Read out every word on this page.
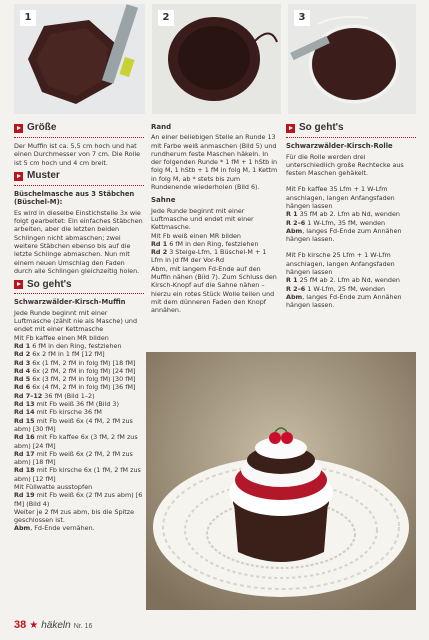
1	2	3
Größe
Der Muffin ist ca. 5,5 cm hoch und hat einen Durchmesser von 7 cm. Die Rolle ist 5 cm hoch und 4 cm breit.
Muster
Büschelmasche aus 3 Stäbchen (Büschel-M):
Es wird in dieselbe Einstichstelle 3x wie folgt gearbeitet: Ein einfaches Stäbchen arbeiten, aber die letzten beiden Schlingen nicht abmaschen; zwei weitere Stäbchen ebenso bis auf die letzte Schlinge abmaschen. Nun mit einem neuen Umschlag den Faden durch alle Schlingen gleichzeitig holen.
So geht's
Schwarzwälder-Kirsch-Muffin
Jede Runde beginnt mit einer Luftmasche (zählt nie als Masche) und endet mit einer Kettmasche
Mit Fb kaffee einen MR bilden
Rd 1 6 fM in den Ring, festziehen
Rd 2 6x 2 fM in 1 fM [12 fM]
Rd 3 6x (1 fM, 2 fM in folg fM) [18 fM]
Rd 4 6x (2 fM, 2 fM in folg fM) [24 fM]
Rd 5 6x (3 fM, 2 fM in folg fM) [30 fM]
Rd 6 6x (4 fM, 2 fM in folg fM) [36 fM]
Rd 7–12 36 fM (Bild 1–2)
Rd 13 mit Fb weiß 36 fM (Bild 3)
Rd 14 mit Fb kirsche 36 fM
Rd 15 mit Fb weiß 6x (4 fM, 2 fM zus abm) [30 fM]
Rd 16 mit Fb kaffee 6x (3 fM, 2 fM zus abm) [24 fM]
Rd 17 mit Fb weiß 6x (2 fM, 2 fM zus abm) [18 fM]
Rd 18 mit Fb kirsche 6x (1 fM, 2 fM zus abm) [12 fM]
Mit Füllwatte ausstopfen
Rd 19 mit Fb weiß 6x (2 fM zus abm) [6 fM] (Bild 4)
Weiter je 2 fM zus abm, bis die Spitze geschlossen ist.
Abm, Fd-Ende vernähen.
Rand
An einer beliebigen Stelle an Runde 13 mit Farbe weiß anmaschen (Bild 5) und rundherum feste Maschen häkeln. In der folgenden Runde * 1 fM + 1 hStb in folg M, 1 hStb + 1 fM in folg M, 1 Kettm in folg M, ab * stets bis zum Rundenende wiederholen (Bild 6).
Sahne
Jede Runde beginnt mit einer Luftmasche und endet mit einer Kettmasche.
Mit Fb weiß einen MR bilden
Rd 1 6 fM in den Ring, festziehen
Rd 2 3 Steige-Lfm, 1 Büschel-M + 1 Lfm in jd fM der Vor-Rd
Abm, mit langem Fd-Ende auf den Muffin nähen (Bild 7). Zum Schluss den Kirsch-Knopf auf die Sahne nähen – hierzu ein rotes Stück Wolle teilen und mit dem dünneren Faden den Knopf annähen.
So geht's
Schwarzwälder-Kirsch-Rolle
Für die Rolle werden drei unterschiedlich große Rechtecke aus festen Maschen gehäkelt.
Mit Fb kaffee 35 Lfm + 1 W-Lfm anschlagen, langen Anfangsfaden hängen lassen
R 1 35 fM ab 2. Lfm ab Nd, wenden
R 2–6 1 W-Lfm, 35 fM, wenden
Abm, langes Fd-Ende zum Annähen hängen lassen.
Mit Fb kirsche 25 Lfm + 1 W-Lfm anschlagen, langen Anfangsfaden hängen lassen
R 1 25 fM ab 2. Lfm ab Nd, wenden
R 2–6 1 W-Lfm, 25 fM, wenden
Abm, langes Fd-Ende zum Annähen hängen lassen.
38 ★ häkeln Nr. 16
